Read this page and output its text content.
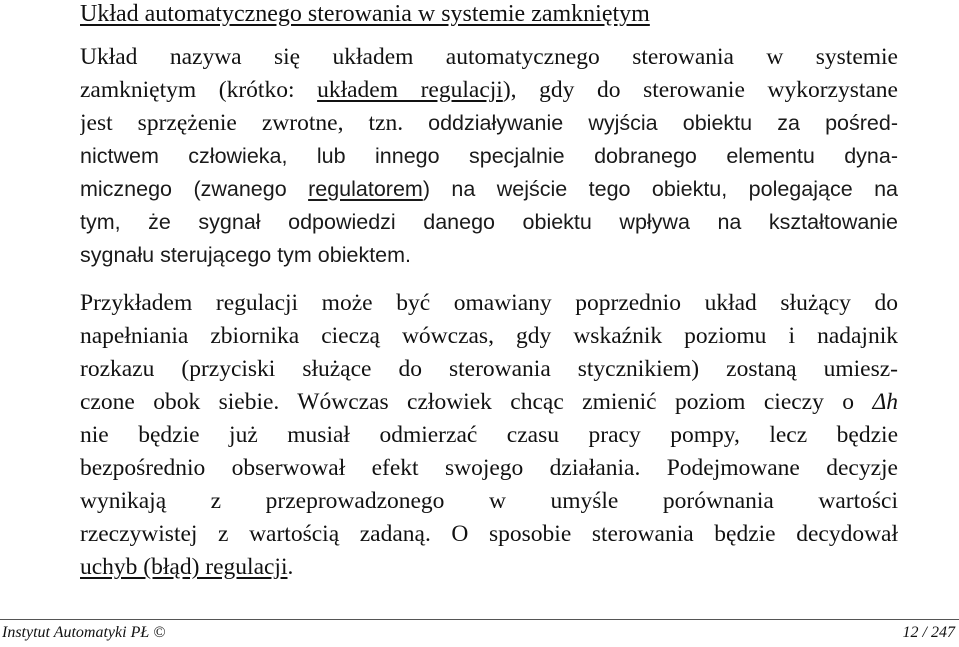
Układ automatycznego sterowania w systemie zamkniętym
Układ nazywa się układem automatycznego sterowania w systemie
zamkniętym (krótko: układem regulacji), gdy do sterowanie wykorzystane
jest sprzężenie zwrotne, tzn. oddziaływanie wyjścia obiektu za pośred-
nictwem człowieka, lub innego specjalnie dobranego elementu dyna-
micznego (zwanego regulatorem) na wejście tego obiektu, polegające na
tym, że sygnał odpowiedzi danego obiektu wpływa na kształtowanie
sygnału sterującego tym obiektem.
Przykładem regulacji może być omawiany poprzednio układ służący do
napełniania zbiornika cieczą wówczas, gdy wskaźnik poziomu i nadajnik
rozkazu (przyciski służące do sterowania stycznikiem) zostaną umiesz-
czone obok siebie. Wówczas człowiek chcąc zmienić poziom cieczy o Δh
nie będzie już musiał odmierzać czasu pracy pompy, lecz będzie
bezpośrednio obserwował efekt swojego działania. Podejmowane decyzje
wynikają z przeprowadzonego w umyśle porównania wartości
rzeczywistej z wartością zadaną. O sposobie sterowania będzie decydował
uchyb (błąd) regulacji.
Instytut Automatyki PŁ ©	12 / 247
